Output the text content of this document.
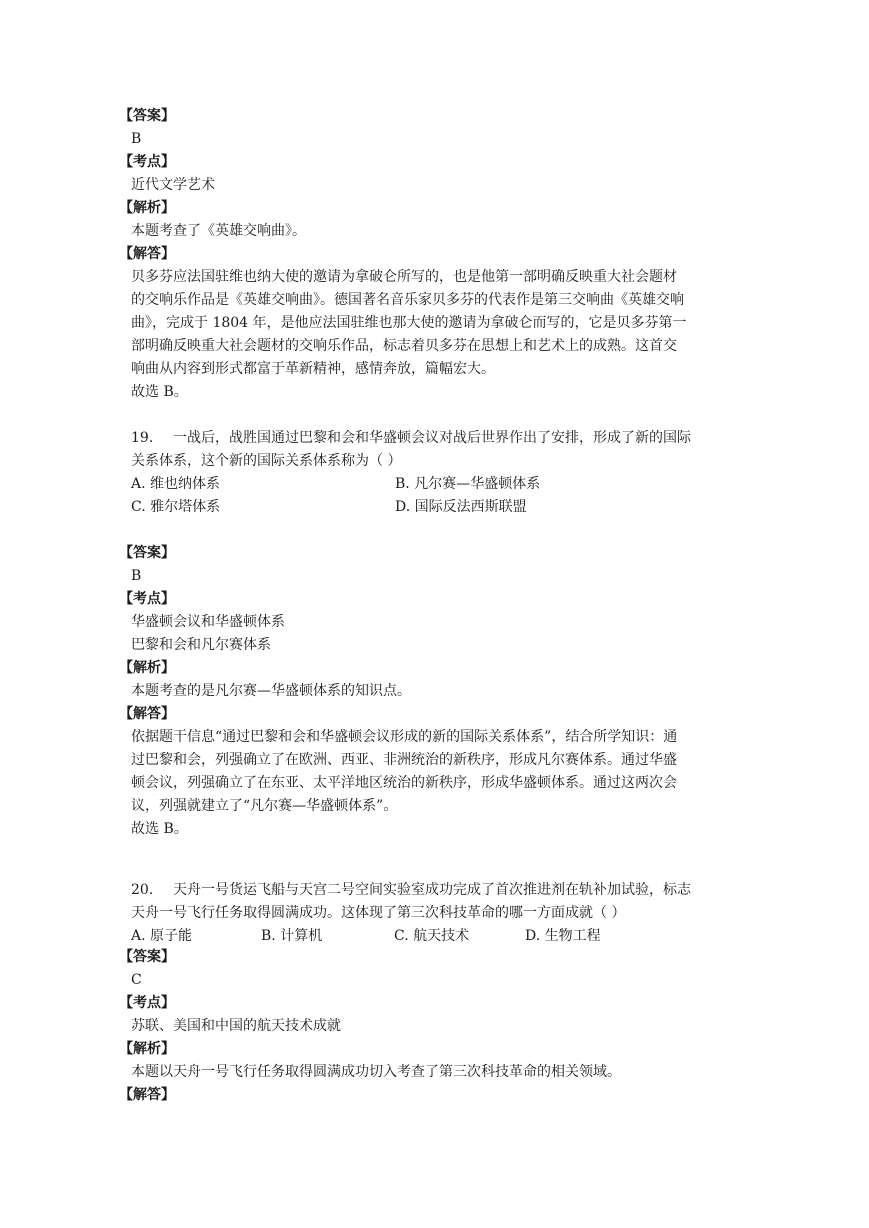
【答案】
B
【考点】
近代文学艺术
【解析】
本题考查了《英雄交响曲》。
【解答】
贝多芬应法国驻维也纳大使的邀请为拿破仑所写的，也是他第一部明确反映重大社会题材
的交响乐作品是《英雄交响曲》。德国著名音乐家贝多芬的代表作是第三交响曲《英雄交响
曲》，完成于 1804 年，是他应法国驻维也那大使的邀请为拿破仑而写的，它是贝多芬第一
部明确反映重大社会题材的交响乐作品，标志着贝多芬在思想上和艺术上的成熟。这首交
响曲从内容到形式都富于革新精神，感情奔放，篇幅宏大。
故选 B。
19. 一战后，战胜国通过巴黎和会和华盛顿会议对战后世界作出了安排，形成了新的国际
关系体系，这个新的国际关系体系称为（ ）
A. 维也纳体系	B. 凡尔赛—华盛顿体系
C. 雅尔塔体系	D. 国际反法西斯联盟
【答案】
B
【考点】
华盛顿会议和华盛顿体系
巴黎和会和凡尔赛体系
【解析】
本题考查的是凡尔赛—华盛顿体系的知识点。
【解答】
依据题干信息“通过巴黎和会和华盛顿会议形成的新的国际关系体系”，结合所学知识：通
过巴黎和会，列强确立了在欧洲、西亚、非洲统治的新秩序，形成凡尔赛体系。通过华盛
顿会议，列强确立了在东亚、太平洋地区统治的新秩序，形成华盛顿体系。通过这两次会
议，列强就建立了“凡尔赛—华盛顿体系”。
故选 B。
20. 天舟一号货运飞船与天宫二号空间实验室成功完成了首次推进剂在轨补加试验，标志
天舟一号飞行任务取得圆满成功。这体现了第三次科技革命的哪一方面成就（ ）
A. 原子能	B. 计算机	C. 航天技术	D. 生物工程
【答案】
C
【考点】
苏联、美国和中国的航天技术成就
【解析】
本题以天舟一号飞行任务取得圆满成功切入考查了第三次科技革命的相关领域。
【解答】
